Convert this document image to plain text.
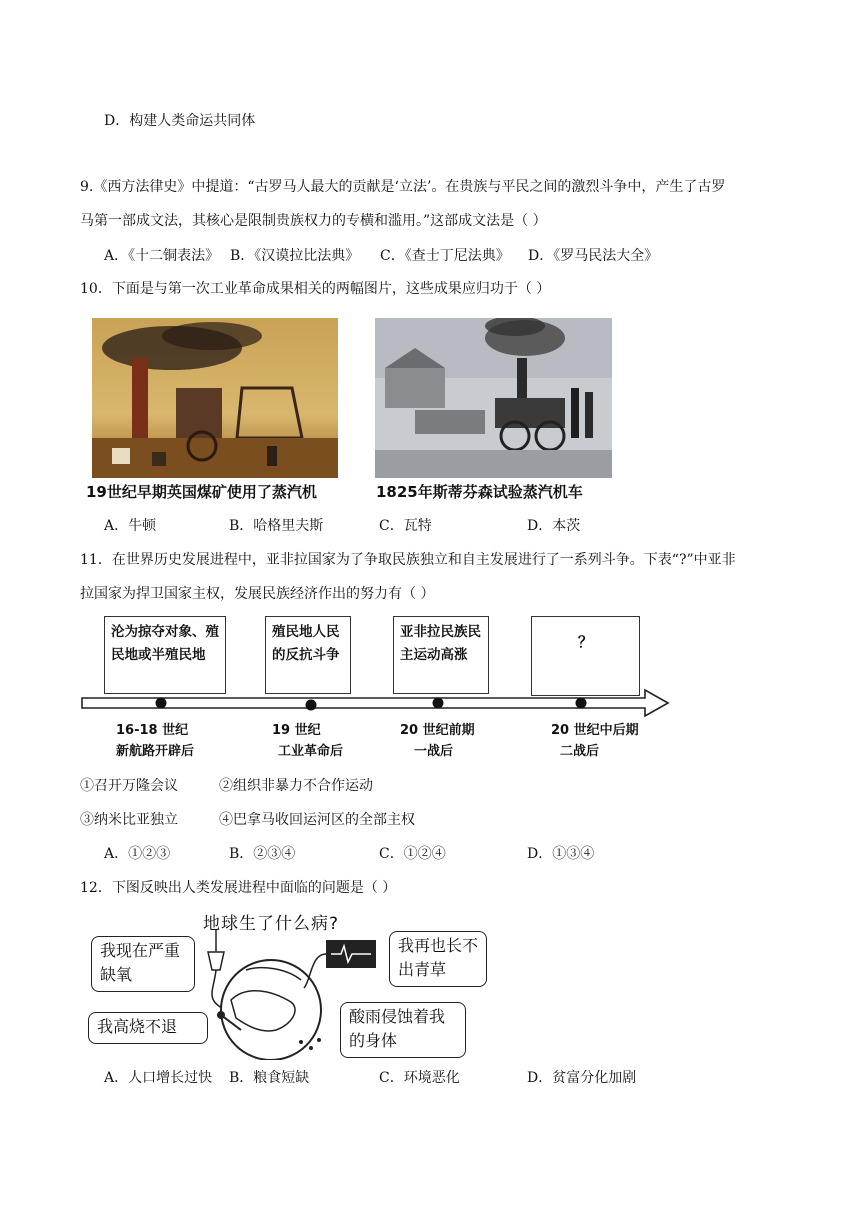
D．构建人类命运共同体
9.《西方法律史》中提道：“古罗马人最大的贡献是‘立法’。在贵族与平民之间的激烈斗争中，产生了古罗
马第一部成文法，其核心是限制贵族权力的专横和滥用。”这部成文法是（ ）
A．《十二铜表法》 B．《汉谟拉比法典》 C．《查士丁尼法典》 D．《罗马民法大全》
10．下面是与第一次工业革命成果相关的两幅图片，这些成果应归功于（ ）
19世纪早期英国煤矿使用了蒸汽机	1825年斯蒂芬森试验蒸汽机车
A．牛顿	B．哈格里夫斯	C．瓦特	D．本茨
11．在世界历史发展进程中，亚非拉国家为了争取民族独立和自主发展进行了一系列斗争。下表“?”中亚非
拉国家为捍卫国家主权，发展民族经济作出的努力有（ ）
沦为掠夺对象、殖民地或半殖民地
殖民地人民的反抗斗争
亚非拉民族民主运动高涨
？
16-18 世纪
新航路开辟后
19 世纪
工业革命后
20 世纪前期
一战后
20 世纪中后期
二战后
①召开万隆会议	②组织非暴力不合作运动
③纳米比亚独立	④巴拿马收回运河区的全部主权
A．①②③	B．②③④	C．①②④	D．①③④
12．下图反映出人类发展进程中面临的问题是（ ）
地球生了什么病?
我现在严重缺氧
我再也长不出青草
我高烧不退
酸雨侵蚀着我的身体
A．人口增长过快 B．粮食短缺	C．环境恶化	D．贫富分化加剧
